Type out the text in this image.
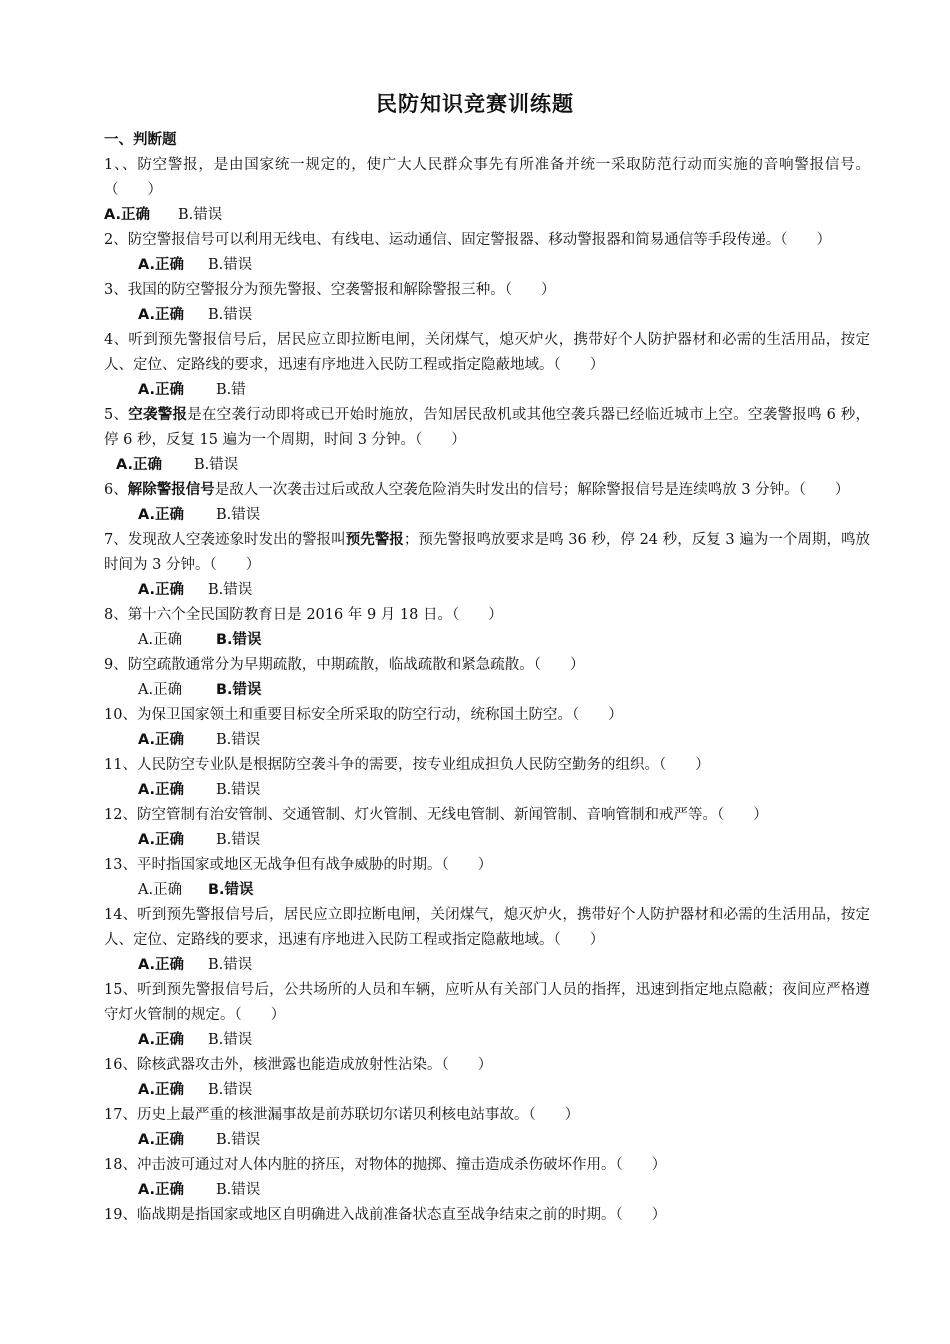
民防知识竞赛训练题
一、判断题
1、、防空警报，是由国家统一规定的，使广大人民群众事先有所准备并统一采取防范行动而实施的音响警报信号。（　　）
A.正确 B.错误
2、防空警报信号可以利用无线电、有线电、运动通信、固定警报器、移动警报器和简易通信等手段传递。（　　）
A.正确 B.错误
3、我国的防空警报分为预先警报、空袭警报和解除警报三种。（　　）
A.正确 B.错误
4、听到预先警报信号后，居民应立即拉断电闸，关闭煤气，熄灭炉火，携带好个人防护器材和必需的生活用品，按定人、定位、定路线的要求，迅速有序地进入民防工程或指定隐蔽地域。（　　）
A.正确 B.错
5、空袭警报是在空袭行动即将或已开始时施放，告知居民敌机或其他空袭兵器已经临近城市上空。空袭警报鸣 6 秒，停 6 秒，反复 15 遍为一个周期，时间 3 分钟。（　　）
A.正确 B.错误
6、解除警报信号是敌人一次袭击过后或敌人空袭危险消失时发出的信号；解除警报信号是连续鸣放 3 分钟。（　　）
A.正确 B.错误
7、发现敌人空袭迹象时发出的警报叫预先警报；预先警报鸣放要求是鸣 36 秒，停 24 秒，反复 3 遍为一个周期，鸣放时间为 3 分钟。（　　）
A.正确 B.错误
8、第十六个全民国防教育日是 2016 年 9 月 18 日。（　　）
A.正确 B.错误
9、防空疏散通常分为早期疏散，中期疏散，临战疏散和紧急疏散。（　　）
A.正确 B.错误
10、为保卫国家领土和重要目标安全所采取的防空行动，统称国土防空。（　　）
A.正确 B.错误
11、人民防空专业队是根据防空袭斗争的需要，按专业组成担负人民防空勤务的组织。（　　）
A.正确 B.错误
12、防空管制有治安管制、交通管制、灯火管制、无线电管制、新闻管制、音响管制和戒严等。（　　）
A.正确 B.错误
13、平时指国家或地区无战争但有战争威胁的时期。（　　）
A.正确 B.错误
14、听到预先警报信号后，居民应立即拉断电闸，关闭煤气，熄灭炉火，携带好个人防护器材和必需的生活用品，按定人、定位、定路线的要求，迅速有序地进入民防工程或指定隐蔽地域。（　　）
A.正确 B.错误
15、听到预先警报信号后，公共场所的人员和车辆，应听从有关部门人员的指挥，迅速到指定地点隐蔽；夜间应严格遵守灯火管制的规定。（　　）
A.正确 B.错误
16、除核武器攻击外，核泄露也能造成放射性沾染。（　　）
A.正确 B.错误
17、历史上最严重的核泄漏事故是前苏联切尔诺贝利核电站事故。（　　）
A.正确 B.错误
18、冲击波可通过对人体内脏的挤压，对物体的抛掷、撞击造成杀伤破坏作用。（　　）
A.正确 B.错误
19、临战期是指国家或地区自明确进入战前准备状态直至战争结束之前的时期。（　　）
